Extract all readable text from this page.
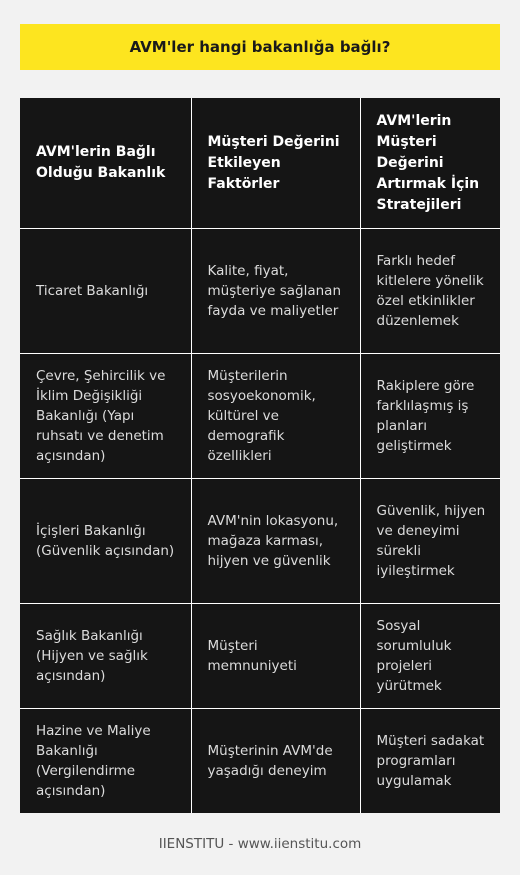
AVM'ler hangi bakanlığa bağlı?
AVM'lerin Bağlı Olduğu Bakanlık	Müşteri Değerini Etkileyen Faktörler	AVM'lerin Müşteri Değerini Artırmak İçin Stratejileri
Ticaret Bakanlığı	Kalite, fiyat, müşteriye sağlanan fayda ve maliyetler	Farklı hedef kitlelere yönelik özel etkinlikler düzenlemek
Çevre, Şehircilik ve İklim Değişikliği Bakanlığı (Yapı ruhsatı ve denetim açısından)	Müşterilerin sosyoekonomik, kültürel ve demografik özellikleri	Rakiplere göre farklılaşmış iş planları geliştirmek
İçişleri Bakanlığı (Güvenlik açısından)	AVM'nin lokasyonu, mağaza karması, hijyen ve güvenlik	Güvenlik, hijyen ve deneyimi sürekli iyileştirmek
Sağlık Bakanlığı (Hijyen ve sağlık açısından)	Müşteri memnuniyeti	Sosyal sorumluluk projeleri yürütmek
Hazine ve Maliye Bakanlığı (Vergilendirme açısından)	Müşterinin AVM'de yaşadığı deneyim	Müşteri sadakat programları uygulamak
IIENSTITU - www.iienstitu.com
